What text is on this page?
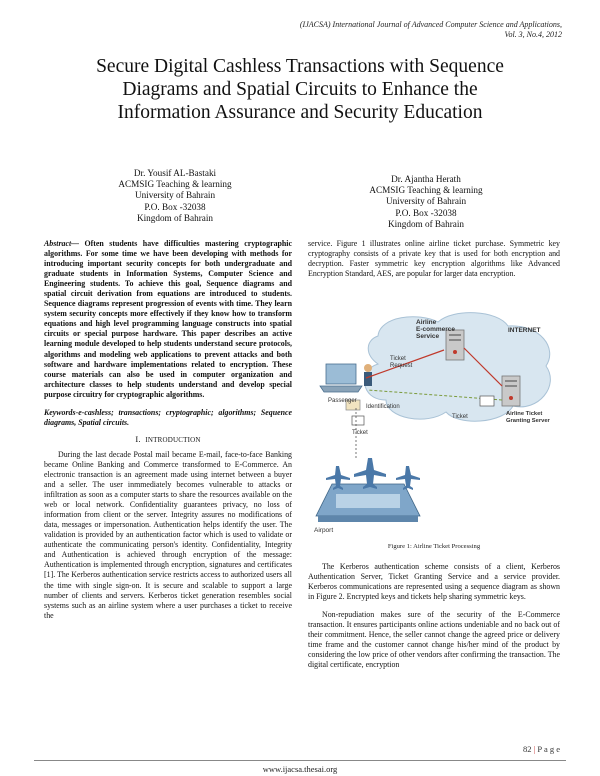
(IJACSA) International Journal of Advanced Computer Science and Applications,
Vol. 3, No.4, 2012
Secure Digital Cashless Transactions with Sequence
Diagrams and Spatial Circuits to Enhance the
Information Assurance and Security Education
Dr. Yousif AL-Bastaki
ACMSIG Teaching & learning
University of Bahrain
P.O. Box -32038
Kingdom of Bahrain
Dr. Ajantha Herath
ACMSIG Teaching & learning
University of Bahrain
P.O. Box -32038
Kingdom of Bahrain

Abstract— Often students have difficulties mastering cryptographic algorithms. For some time we have been developing with methods for introducing important security concepts for both undergraduate and graduate students in Information Systems, Computer Science and Engineering students. To achieve this goal, Sequence diagrams and spatial circuit derivation from equations are introduced to students. Sequence diagrams represent progression of events with time. They learn system security concepts more effectively if they know how to transform equations and high level programming language constructs into spatial circuits or special purpose hardware. This paper describes an active learning module developed to help students understand secure protocols, algorithms and modeling web applications to prevent attacks and both software and hardware implementations related to encryption. These course materials can also be used in computer organization and architecture classes to help students understand and develop special purpose circuitry for cryptographic algorithms.

Keywords-e-cashless; transactions; cryptographic; algorithms; Sequence diagrams, Spatial circuits.

I. INTRODUCTION

During the last decade Postal mail became E-mail, face-to-face Banking became Online Banking and Commerce transformed to E-Commerce. An electronic transaction is an agreement made using internet between a buyer and a seller. The user inmmediately becomes vulnerable to attacks or infiltration as soon as a computer starts to share the resources available on the web or local network. Confidentiality guarantees privacy, no loss of information from client or the server. Integrity assures no modifications of data, messages or impersonation. Authentication helps identify the user. The validation is provided by an authentication factor which is used to validate or authenticate the communicating person's identity. Confidentiality, Integrity and Authentication is achieved through encryption of the message: Authentication is implemented through encryption, signatures and certificates [1]. The Kerberos authentication service restricts access to authorized users all the time with single sign-on. It is secure and scalable to support a large number of clients and servers. Kerberos ticket generation resembles social systems such as an airline system where a user purchases a ticket to receive the

service. Figure 1 illustrates online airline ticket purchase. Symmetric key cryptography consists of a private key that is used for both encryption and decryption. Faster symmetric key encryption algorithms like Advanced Encryption Standard, AES, are popular for larger data encryption.

Airline
E-commerce
Service
INTERNET
Ticket
Request
Passenger
Airline Ticket
Granting Server
Ticket
Identification
Ticket
Airport
Figure 1: Airline Ticket Processing

The Kerberos authentication scheme consists of a client, Kerberos Authentication Server, Ticket Granting Service and a service provider. Kerberos communications are represented using a sequence diagram as shown in Figure 2. Encrypted keys and tickets help sharing symmetric keys.

Non-repudiation makes sure of the security of the E-Commerce transaction. It ensures participants online actions undeniable and no back out of their commitment. Hence, the seller cannot change the agreed price or delivery time frame and the customer cannot change his/her mind of the product by considering the low price of other vendors after confirming the transaction. The digital certificate, encryption

82 | P a g e
www.ijacsa.thesai.org
